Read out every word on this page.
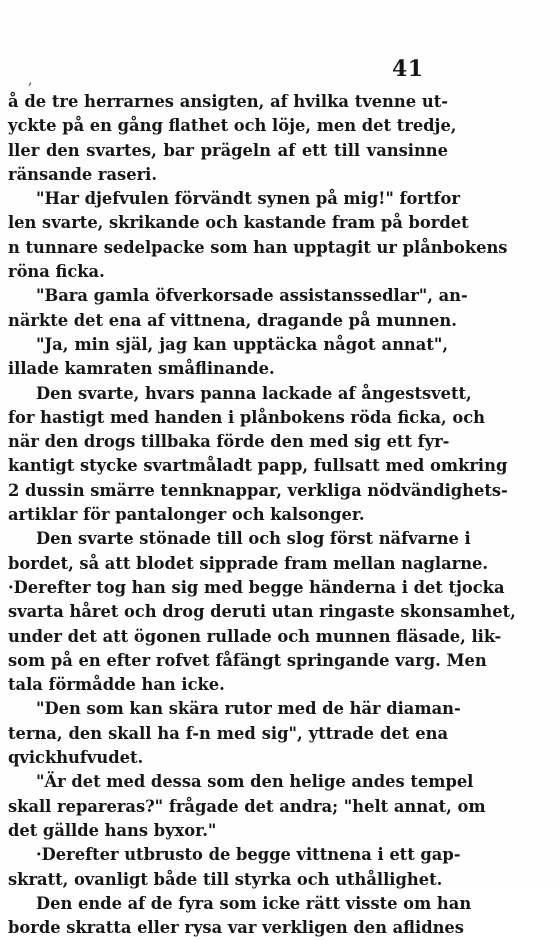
,	41
å de tre herrarnes ansigten, af hvilka tvenne ut-
yckte på en gång flathet och löje, men det tredje,
ller den svartes, bar prägeln af ett till vansinne
ränsande raseri.
"Har djefvulen förvändt synen på mig!" fortfor
len svarte, skrikande och kastande fram på bordet
n tunnare sedelpacke som han upptagit ur plånbokens
röna ficka.
"Bara gamla öfverkorsade assistanssedlar", an-
närkte det ena af vittnena, dragande på munnen.
"Ja, min själ, jag kan upptäcka något annat",
illade kamraten småflinande.
Den svarte, hvars panna lackade af ångestsvett,
for hastigt med handen i plånbokens röda ficka, och
när den drogs tillbaka förde den med sig ett fyr-
kantigt stycke svartmåladt papp, fullsatt med omkring
2 dussin smärre tennknappar, verkliga nödvändighets-
artiklar för pantalonger och kalsonger.
Den svarte stönade till och slog först näfvarne i
bordet, så att blodet sipprade fram mellan naglarne.
·Derefter tog han sig med begge händerna i det tjocka
svarta håret och drog deruti utan ringaste skonsamhet,
under det att ögonen rullade och munnen fläsade, lik-
som på en efter rofvet fåfängt springande varg. Men
tala förmådde han icke.
"Den som kan skära rutor med de här diaman-
terna, den skall ha f-n med sig", yttrade det ena
qvickhufvudet.
"Är det med dessa som den helige andes tempel
skall repareras?" frågade det andra; "helt annat, om
det gällde hans byxor."
·Derefter utbrusto de begge vittnena i ett gap-
skratt, ovanligt både till styrka och uthållighet.
Den ende af de fyra som icke rätt visste om han
borde skratta eller rysa var verkligen den aflidnes
